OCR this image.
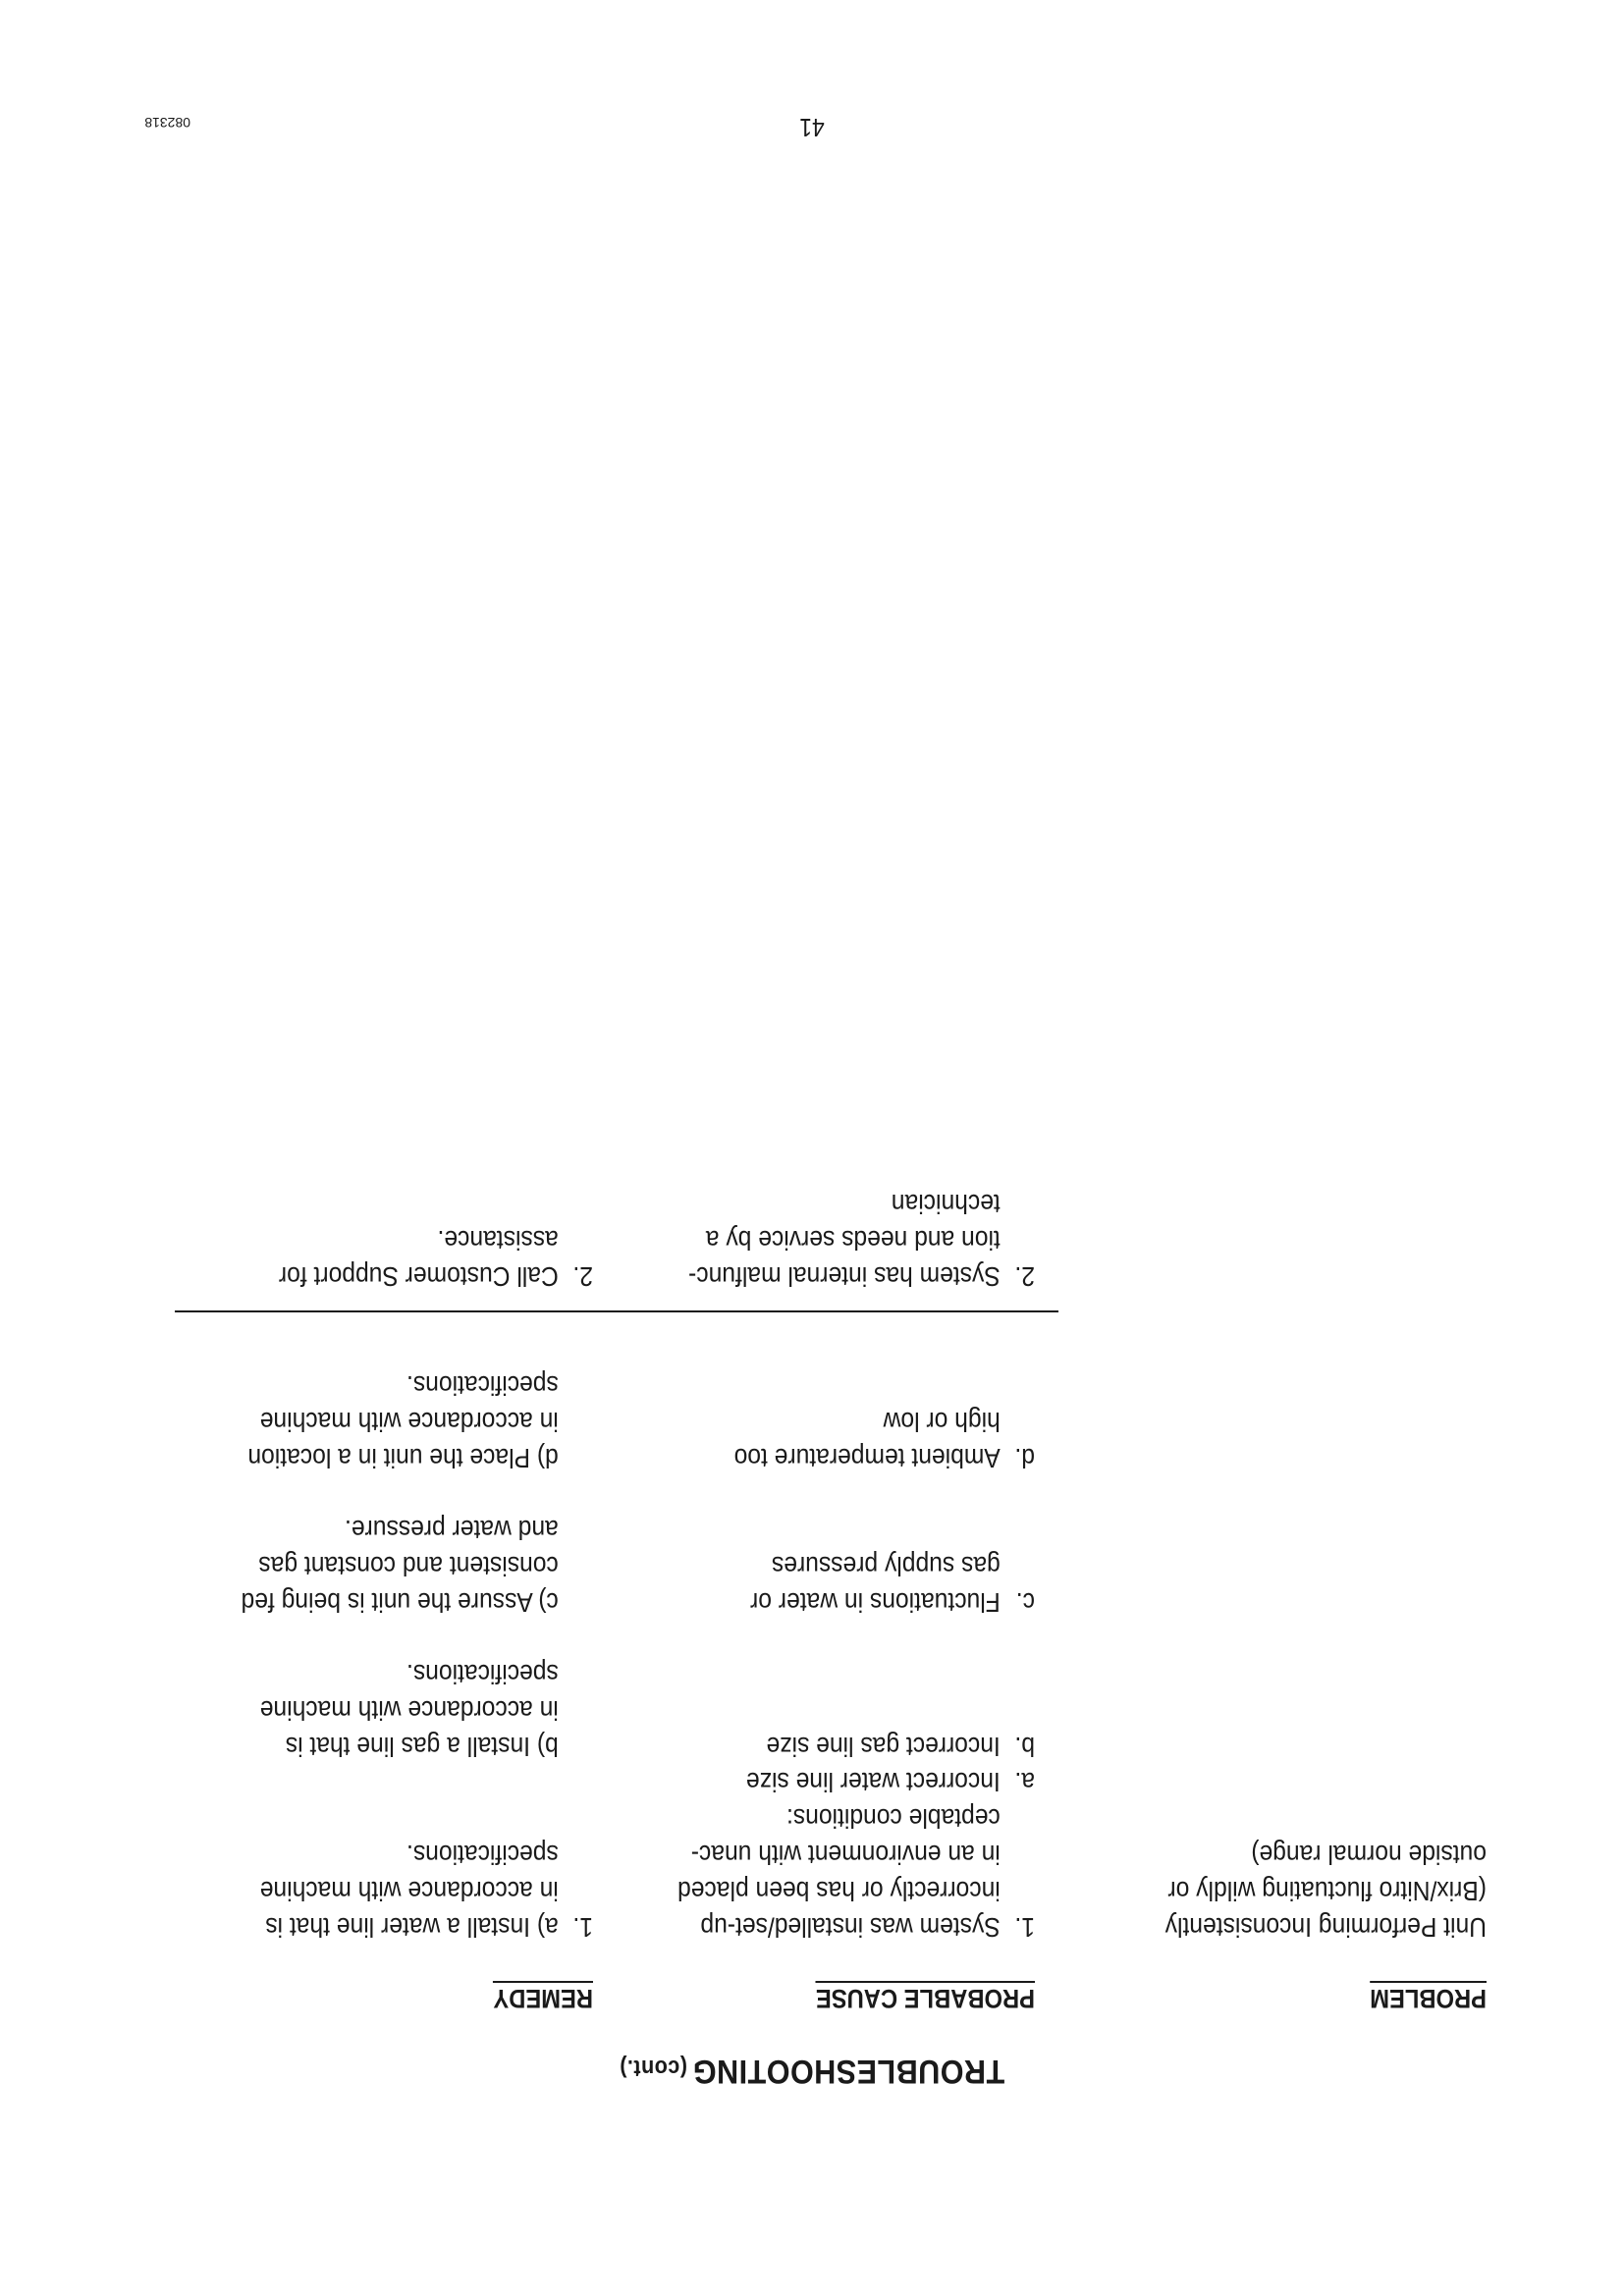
TROUBLESHOOTING(cont.)
PROBLEM
PROBABLE CAUSE
REMEDY
Unit Performing Inconsistently
(Brix/Nitro fluctuating wildly or
outside normal range)
1.System was installed/set-up
incorrectly or has been placed
in an environment with unac-
ceptable conditions:
a.Incorrect water line size
b.Incorrect gas line size
c.Fluctuations in water or
gas supply pressures
d.Ambient temperature too
high or low
1.a) Install a water line that is
in accordance with machine
specifications.
b) Install a gas line that is
in accordance with machine
specifications.
c) Assure the unit is being fed
consistent and constant gas
and water pressure.
d) Place the unit in a location
in accordance with machine
specifications.
2.System has internal malfunc-
tion and needs service by a
technician
2.Call Customer Support for
assistance.
41
082318
